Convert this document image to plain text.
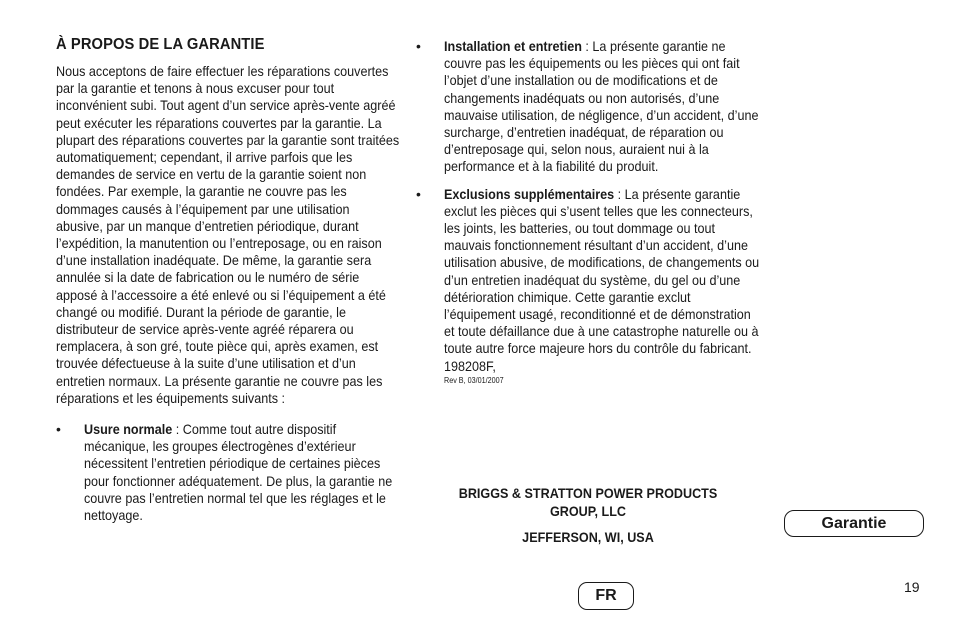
À PROPOS DE LA GARANTIE

Nous acceptons de faire effectuer les réparations couvertes par la garantie et tenons à nous excuser pour tout inconvénient subi. Tout agent d’un service après-vente agréé peut exécuter les réparations couvertes par la garantie. La plupart des réparations couvertes par la garantie sont traitées automatiquement; cependant, il arrive parfois que les demandes de service en vertu de la garantie soient non fondées. Par exemple, la garantie ne couvre pas les dommages causés à l’équipement par une utilisation abusive, par un manque d’entretien périodique, durant l’expédition, la manutention ou l’entreposage, ou en raison d’une installation inadéquate. De même, la garantie sera annulée si la date de fabrication ou le numéro de série apposé à l’accessoire a été enlevé ou si l’équipement a été changé ou modifié. Durant la période de garantie, le distributeur de service après-vente agréé réparera ou remplacera, à son gré, toute pièce qui, après examen, est trouvée défectueuse à la suite d’une utilisation et d’un entretien normaux. La présente garantie ne couvre pas les réparations et les équipements suivants :

• Usure normale : Comme tout autre dispositif mécanique, les groupes électrogènes d’extérieur nécessitent l’entretien périodique de certaines pièces pour fonctionner adéquatement. De plus, la garantie ne couvre pas l’entretien normal tel que les réglages et le nettoyage.
• Installation et entretien : La présente garantie ne couvre pas les équipements ou les pièces qui ont fait l’objet d’une installation ou de modifications et de changements inadéquats ou non autorisés, d’une mauvaise utilisation, de négligence, d’un accident, d’une surcharge, d’entretien inadéquat, de réparation ou d’entreposage qui, selon nous, auraient nui à la performance et à la fiabilité du produit.
• Exclusions supplémentaires : La présente garantie exclut les pièces qui s’usent telles que les connecteurs, les joints, les batteries, ou tout dommage ou tout mauvais fonctionnement résultant d’un accident, d’une utilisation abusive, de modifications, de changements ou d’un entretien inadéquat du système, du gel ou d’une détérioration chimique. Cette garantie exclut l’équipement usagé, reconditionné et de démonstration et toute défaillance due à une catastrophe naturelle ou à toute autre force majeure hors du contrôle du fabricant. 198208F,
Rev B, 03/01/2007
BRIGGS & STRATTON POWER PRODUCTS GROUP, LLC
JEFFERSON, WI, USA
Garantie
FR	19
